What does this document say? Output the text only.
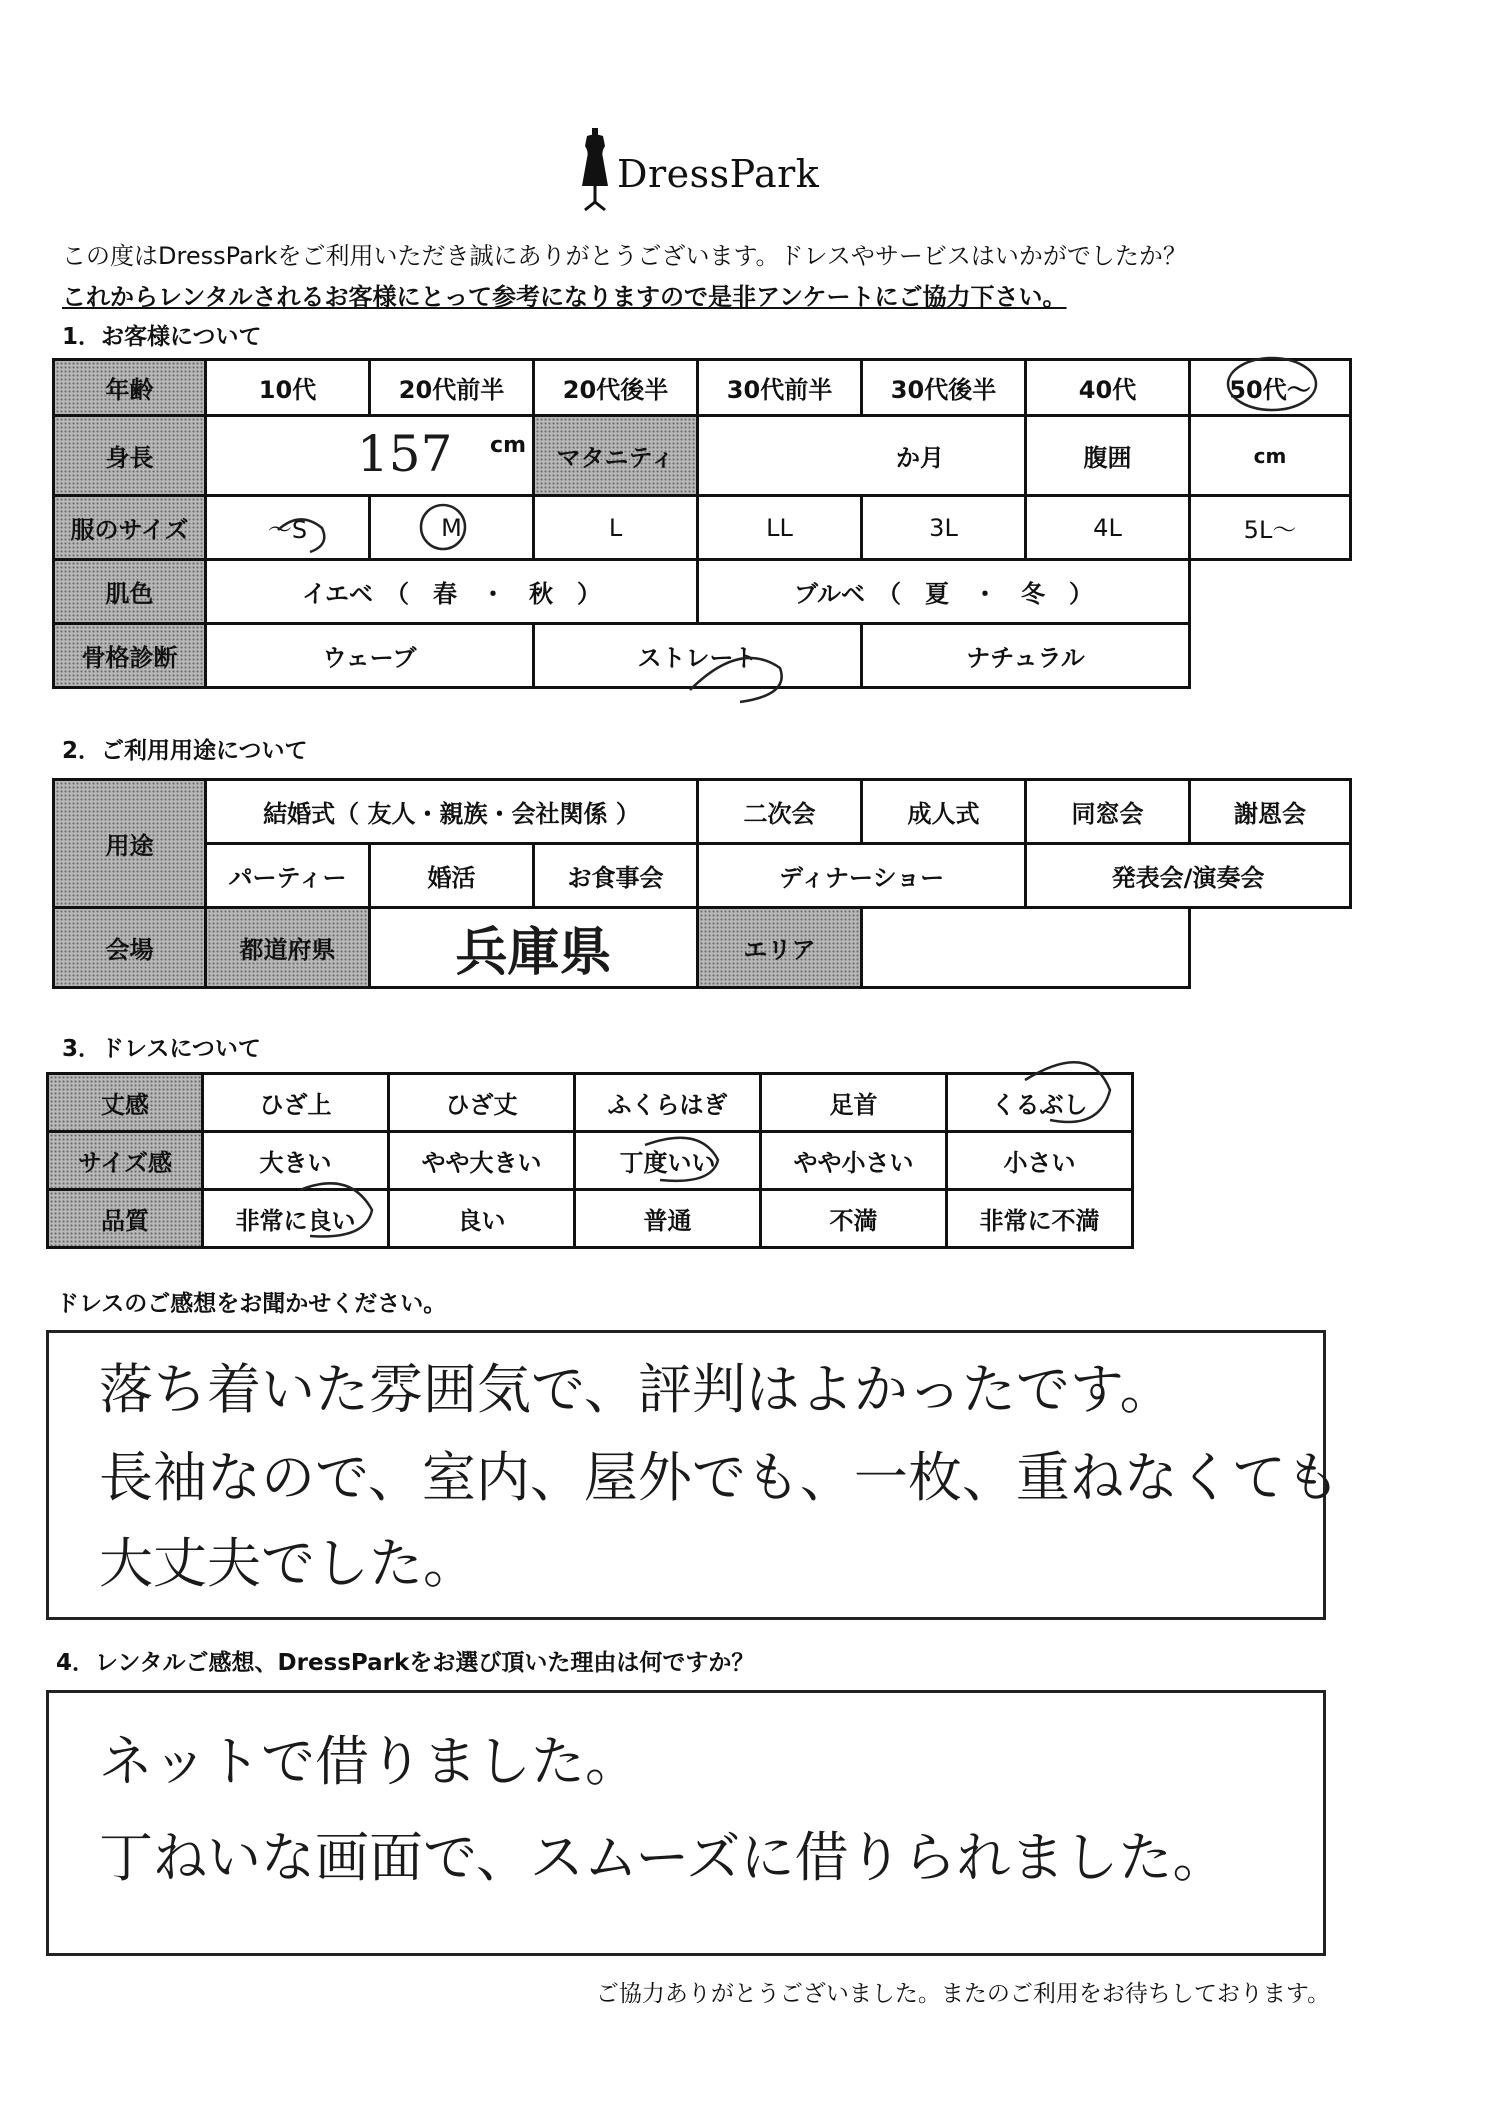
DressPark
この度はDressParkをご利用いただき誠にありがとうございます。ドレスやサービスはいかがでしたか？
これからレンタルされるお客様にとって参考になりますので是非アンケートにご協力下さい。
1．お客様について
年齢	10代	20代前半	20代後半	30代前半	30代後半	40代	50代～
身長	157 cm		マタニティ	か月		腹囲	cm
服のサイズ	～S	M	L	LL	3L	4L	5L～
肌色	イエベ　（　春　・　秋　）			ブルベ　（　夏　・　冬　）			
骨格診断	ウェーブ		ストレート		ナチュラル		
2．ご利用用途について
用途	結婚式（ 友人・親族・会社関係 ）			二次会	成人式	同窓会	謝恩会
	パーティー	婚活	お食事会	ディナーショー		発表会/演奏会	
会場	都道府県	兵庫県		エリア			
3．ドレスについて
丈感	ひざ上	ひざ丈	ふくらはぎ	足首	くるぶし
サイズ感	大きい	やや大きい	丁度いい	やや小さい	小さい
品質	非常に良い	良い	普通	不満	非常に不満
ドレスのご感想をお聞かせください。
落ち着いた雰囲気で、評判はよかったです。
長袖なので、室内、屋外でも、一枚、重ねなくても
大丈夫でした。
4．レンタルご感想、DressParkをお選び頂いた理由は何ですか？
ネットで借りました。
丁ねいな画面で、スムーズに借りられました。
ご協力ありがとうございました。またのご利用をお待ちしております。
